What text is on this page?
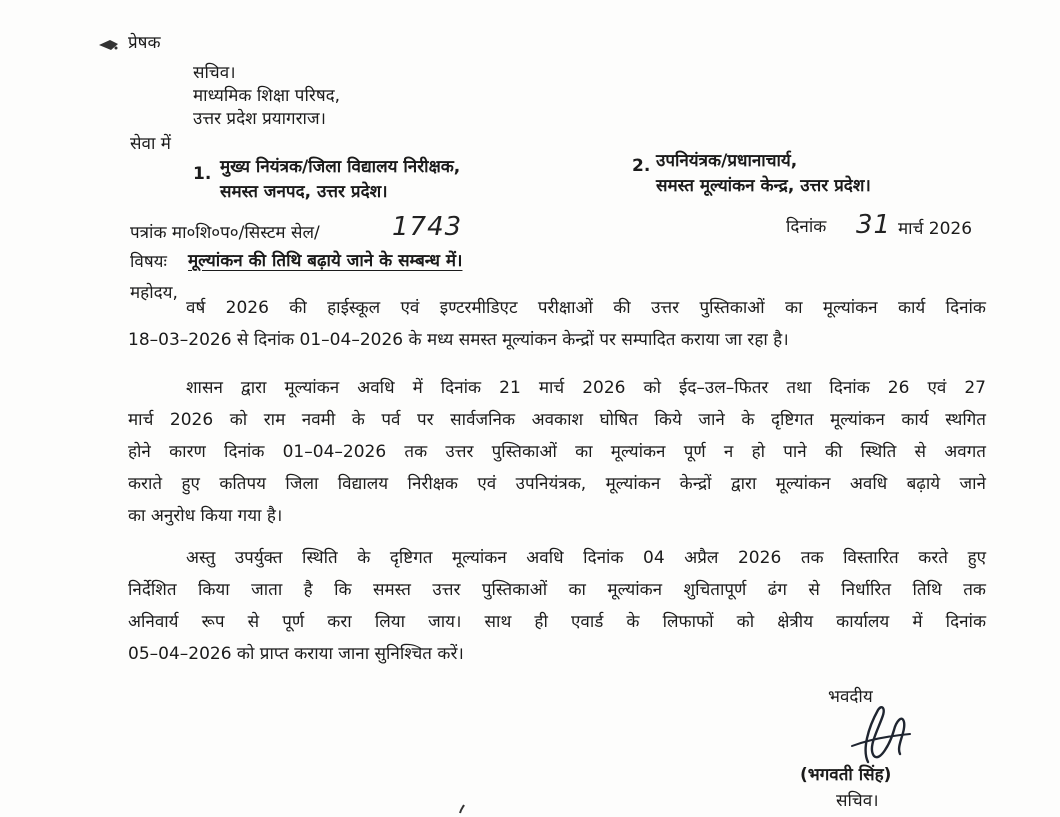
प्रेषक
सचिव।
माध्यमिक शिक्षा परिषद,
उत्तर प्रदेश प्रयागराज।
सेवा में
1. मुख्य नियंत्रक/जिला विद्यालय निरीक्षक,
समस्त जनपद, उत्तर प्रदेश।
2. उपनियंत्रक/प्रधानाचार्य,
समस्त मूल्यांकन केन्द्र, उत्तर प्रदेश।
पत्रांक मा०शि०प०/सिस्टम सेल/	1743	दिनांक 31 मार्च 2026
विषयः मूल्यांकन की तिथि बढ़ाये जाने के सम्बन्ध में।
महोदय,
वर्ष 2026 की हाईस्कूल एवं इण्टरमीडिएट परीक्षाओं की उत्तर पुस्तिकाओं का मूल्यांकन कार्य दिनांक
18–03–2026 से दिनांक 01–04–2026 के मध्य समस्त मूल्यांकन केन्द्रों पर सम्पादित कराया जा रहा है।
शासन द्वारा मूल्यांकन अवधि में दिनांक 21 मार्च 2026 को ईद–उल–फितर तथा दिनांक 26 एवं 27
मार्च 2026 को राम नवमी के पर्व पर सार्वजनिक अवकाश घोषित किये जाने के दृष्टिगत मूल्यांकन कार्य स्थगित
होने कारण दिनांक 01–04–2026 तक उत्तर पुस्तिकाओं का मूल्यांकन पूर्ण न हो पाने की स्थिति से अवगत
कराते हुए कतिपय जिला विद्यालय निरीक्षक एवं उपनियंत्रक, मूल्यांकन केन्द्रों द्वारा मूल्यांकन अवधि बढ़ाये जाने
का अनुरोध किया गया है।
अस्तु उपर्युक्त स्थिति के दृष्टिगत मूल्यांकन अवधि दिनांक 04 अप्रैल 2026 तक विस्तारित करते हुए
निर्देशित किया जाता है कि समस्त उत्तर पुस्तिकाओं का मूल्यांकन शुचितापूर्ण ढंग से निर्धारित तिथि तक
अनिवार्य रूप से पूर्ण करा लिया जाय। साथ ही एवार्ड के लिफाफों को क्षेत्रीय कार्यालय में दिनांक
05–04–2026 को प्राप्त कराया जाना सुनिश्चित करें।
भवदीय
(भगवती सिंह)
सचिव।
